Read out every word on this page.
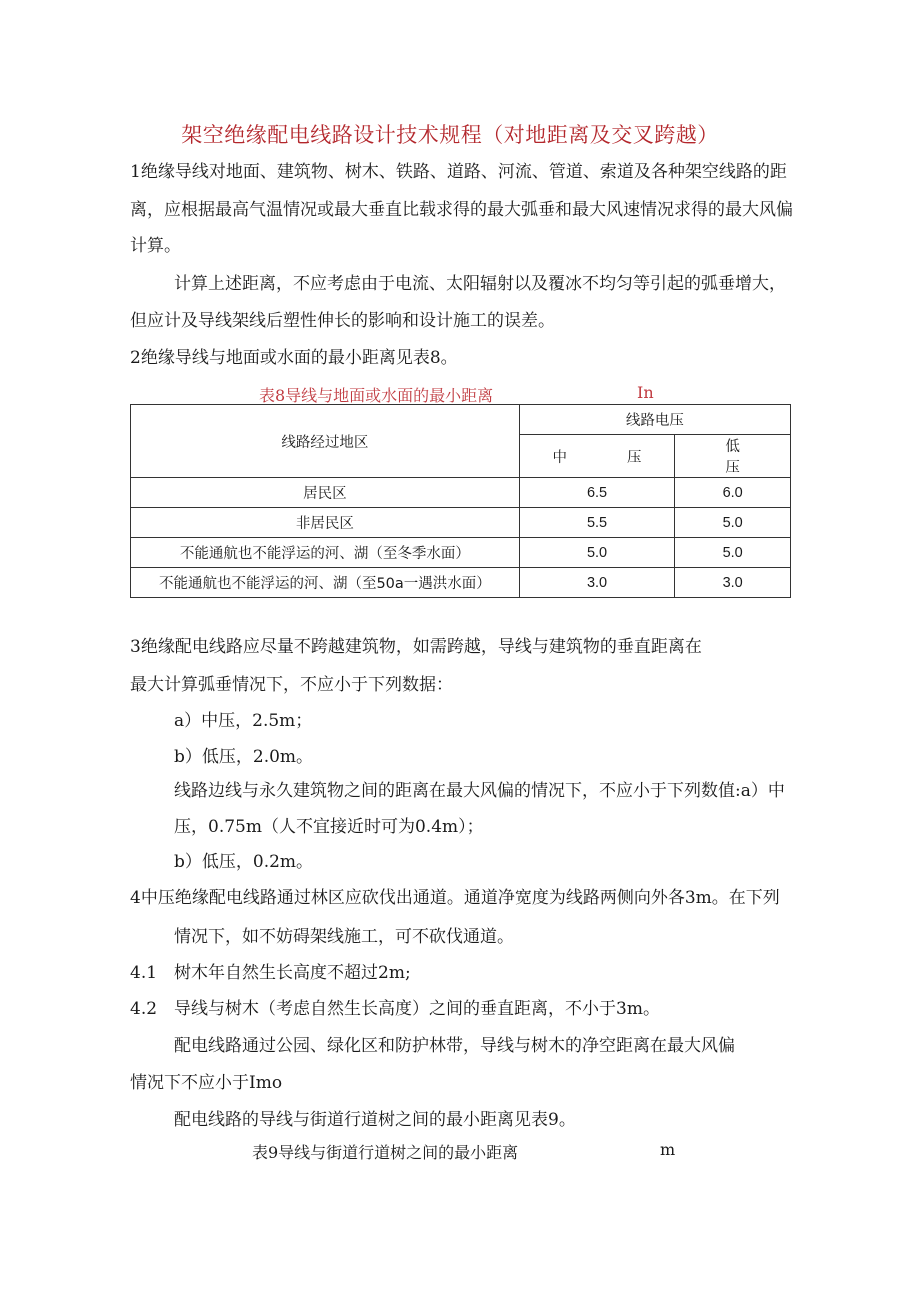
架空绝缘配电线路设计技术规程（对地距离及交叉跨越）
1绝缘导线对地面、建筑物、树木、铁路、道路、河流、管道、索道及各种架空线路的距
离，应根据最高气温情况或最大垂直比载求得的最大弧垂和最大风速情况求得的最大风偏
计算。
计算上述距离，不应考虑由于电流、太阳辐射以及覆冰不均匀等引起的弧垂增大，
但应计及导线架线后塑性伸长的影响和设计施工的误差。
2绝缘导线与地面或水面的最小距离见表8。
表8导线与地面或水面的最小距离	In
线路经过地区	线路电压	
	中压	低压
居民区	6.5	6.0
非居民区	5.5	5.0
不能通航也不能浮运的河、湖（至冬季水面）	5.0	5.0
不能通航也不能浮运的河、湖（至50a一遇洪水面）	3.0	3.0
3绝缘配电线路应尽量不跨越建筑物，如需跨越，导线与建筑物的垂直距离在
最大计算弧垂情况下，不应小于下列数据：
a）中压，2.5m；
b）低压，2.0m。
线路边线与永久建筑物之间的距离在最大风偏的情况下，不应小于下列数值:a）中
压，0.75m（人不宜接近时可为0.4m）；
b）低压，0.2m。
4中压绝缘配电线路通过林区应砍伐出通道。通道净宽度为线路两侧向外各3m。在下列
情况下，如不妨碍架线施工，可不砍伐通道。
4.1　树木年自然生长高度不超过2m;
4.2　导线与树木（考虑自然生长高度）之间的垂直距离，不小于3m。
配电线路通过公园、绿化区和防护林带，导线与树木的净空距离在最大风偏
情况下不应小于Imo
配电线路的导线与街道行道树之间的最小距离见表9。
表9导线与街道行道树之间的最小距离	m
